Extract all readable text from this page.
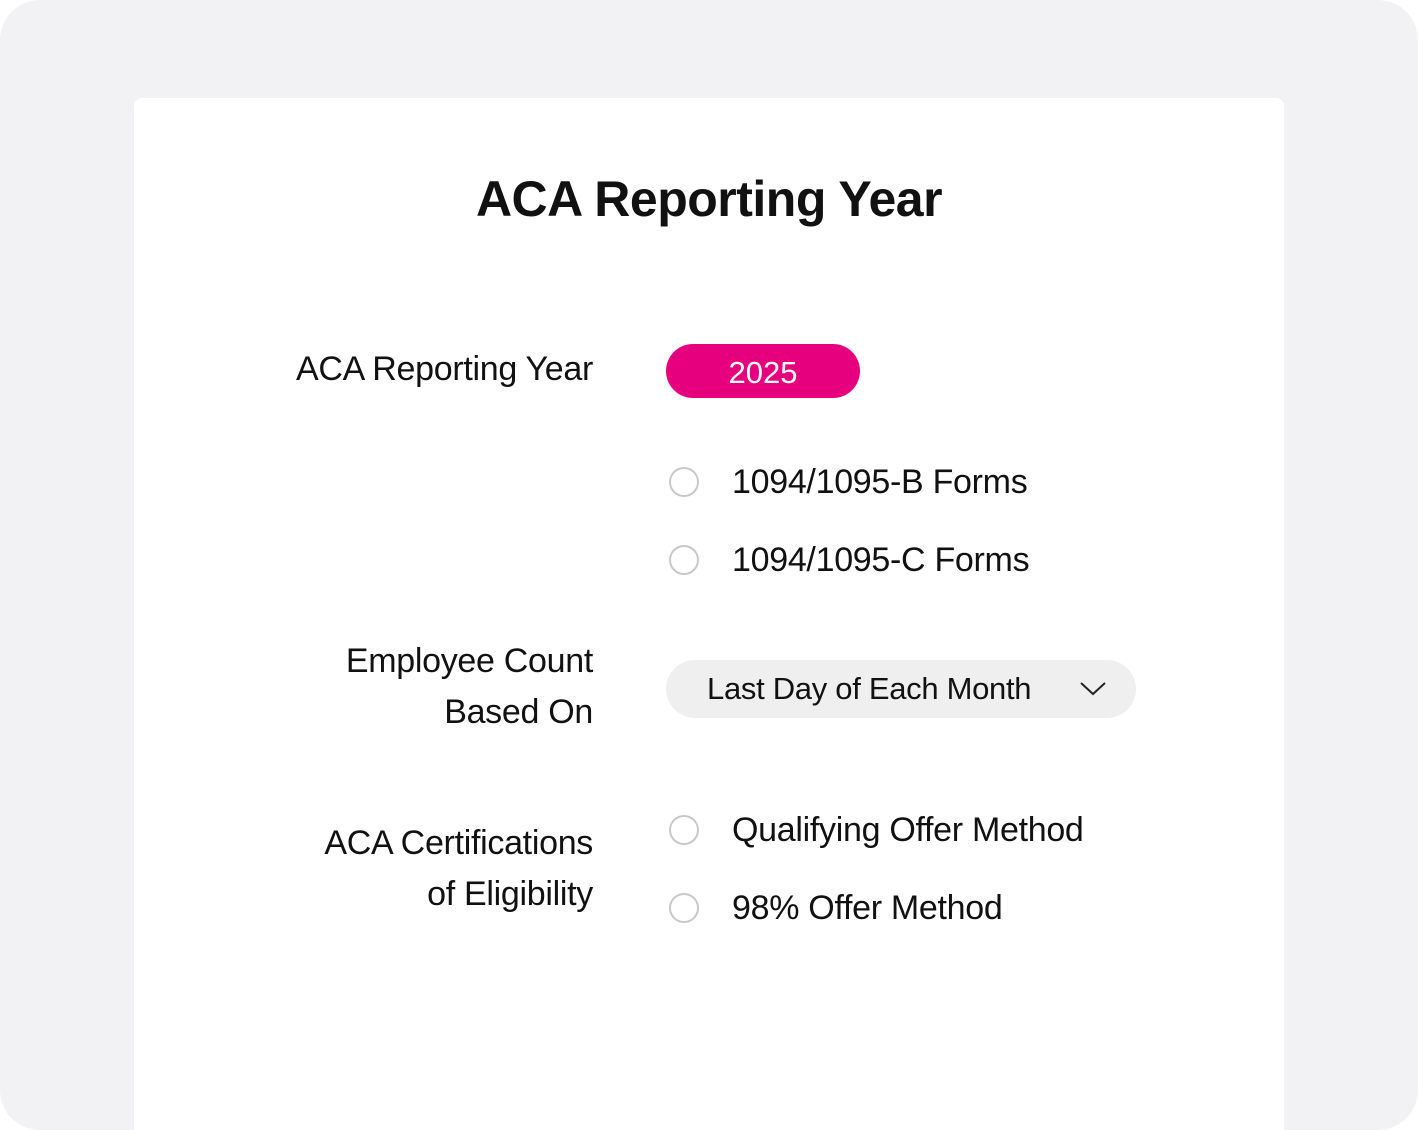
ACA Reporting Year
ACA Reporting Year	2025
1094/1095-B Forms
1094/1095-C Forms
Employee Count
Based On
Last Day of Each Month
ACA Certifications
of Eligibility
Qualifying Offer Method
98% Offer Method
